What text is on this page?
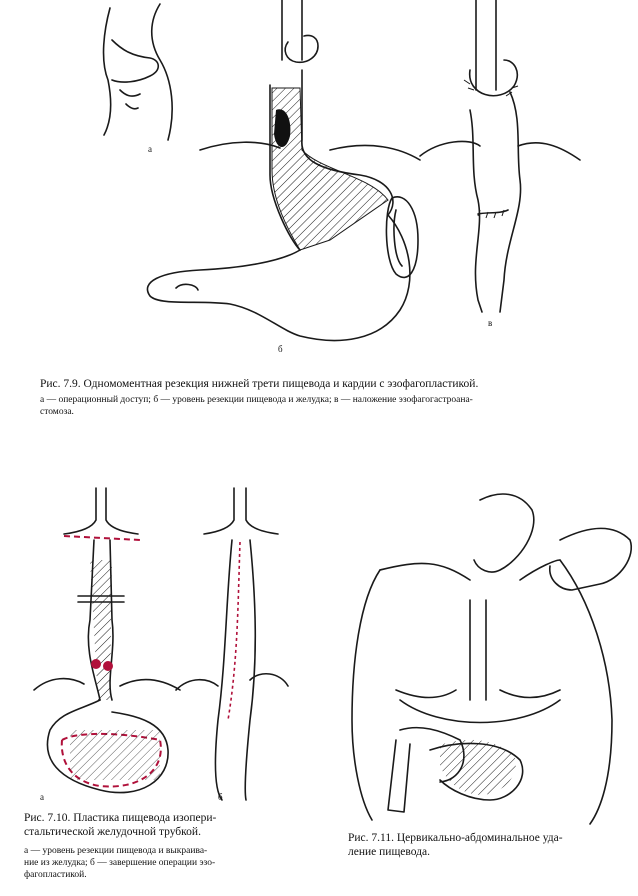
а
б
в
Рис. 7.9. Одномоментная резекция нижней трети пищевода и кардии с эзофагопластикой.
а — операционный доступ; б — уровень резекции пищевода и желудка; в — наложение эзофагогастроана-
стомоза.
а	б
Рис. 7.10. Пластика пищевода изопери-
стальтической желудочной трубкой.
а — уровень резекции пищевода и выкраива-
ние из желудка; б — завершение операции эзо-
фагопластикой.
Рис. 7.11. Цервикально-абдоминальное уда-
ление пищевода.
